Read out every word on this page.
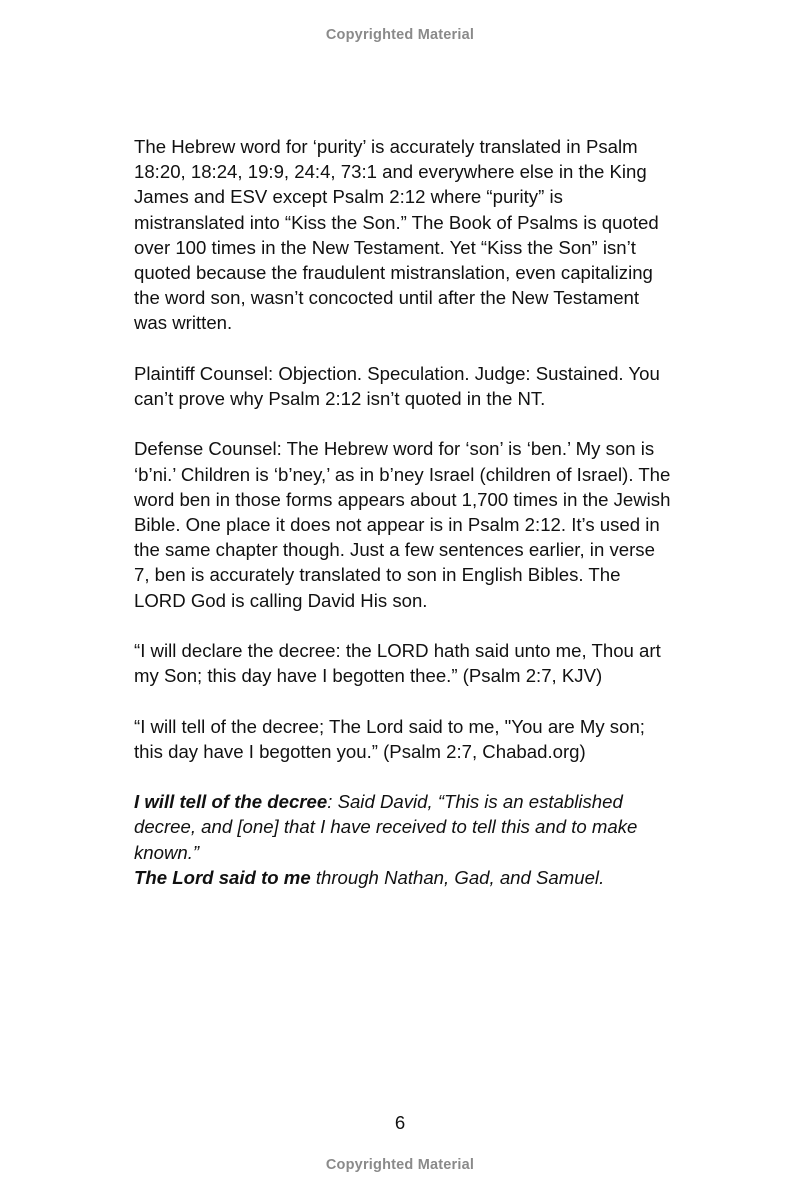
Copyrighted Material

The Hebrew word for ‘purity’ is accurately translated in Psalm 18:20, 18:24, 19:9, 24:4, 73:1 and everywhere else in the King James and ESV except Psalm 2:12 where “purity” is mistranslated into “Kiss the Son.” The Book of Psalms is quoted over 100 times in the New Testament. Yet “Kiss the Son” isn’t quoted because the fraudulent mistranslation, even capitalizing the word son, wasn’t concocted until after the New Testament was written.

Plaintiff Counsel: Objection. Speculation. Judge: Sustained. You can’t prove why Psalm 2:12 isn’t quoted in the NT.

Defense Counsel: The Hebrew word for ‘son’ is ‘ben.’ My son is ‘b’ni.’ Children is ‘b’ney,’ as in b’ney Israel (children of Israel). The word ben in those forms appears about 1,700 times in the Jewish Bible. One place it does not appear is in Psalm 2:12. It’s used in the same chapter though. Just a few sentences earlier, in verse 7, ben is accurately translated to son in English Bibles. The LORD God is calling David His son.

“I will declare the decree: the LORD hath said unto me, Thou art my Son; this day have I begotten thee.” (Psalm 2:7, KJV)

“I will tell of the decree; The Lord said to me, "You are My son; this day have I begotten you.” (Psalm 2:7, Chabad.org)

I will tell of the decree: Said David, “This is an established decree, and [one] that I have received to tell this and to make known.”

The Lord said to me through Nathan, Gad, and Samuel.

6
Copyrighted Material
